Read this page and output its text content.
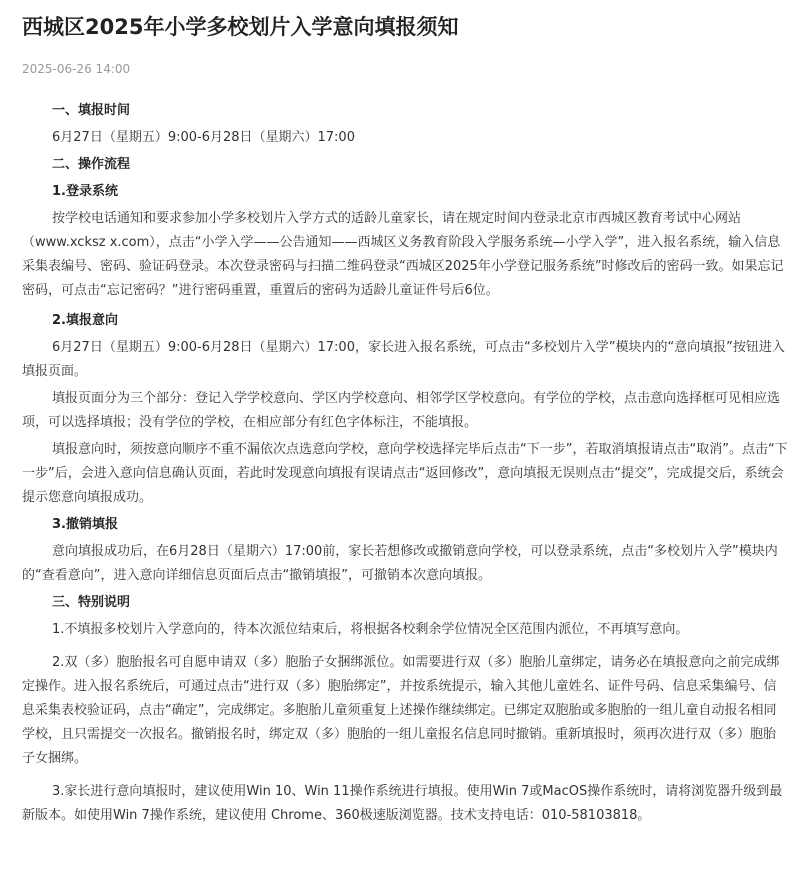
西城区2025年小学多校划片入学意向填报须知
2025-06-26 14:00

一、填报时间

6月27日（星期五）9:00-6月28日（星期六）17:00

二、操作流程

1.登录系统

按学校电话通知和要求参加小学多校划片入学方式的适龄儿童家长，请在规定时间内登录北京市西城区教育考试中心网站（www.xcksz x.com），点击“小学入学——公告通知——西城区义务教育阶段入学服务系统—小学入学”，进入报名系统，输入信息采集表编号、密码、验证码登录。本次登录密码与扫描二维码登录“西城区2025年小学登记服务系统”时修改后的密码一致。如果忘记密码，可点击“忘记密码？”进行密码重置，重置后的密码为适龄儿童证件号后6位。

2.填报意向

6月27日（星期五）9:00-6月28日（星期六）17:00，家长进入报名系统，可点击“多校划片入学”模块内的“意向填报”按钮进入填报页面。

填报页面分为三个部分：登记入学学校意向、学区内学校意向、相邻学区学校意向。有学位的学校，点击意向选择框可见相应选项，可以选择填报；没有学位的学校，在相应部分有红色字体标注，不能填报。

填报意向时，须按意向顺序不重不漏依次点选意向学校，意向学校选择完毕后点击“下一步”，若取消填报请点击“取消”。点击“下一步”后，会进入意向信息确认页面，若此时发现意向填报有误请点击“返回修改”，意向填报无误则点击“提交”，完成提交后，系统会提示您意向填报成功。

3.撤销填报

意向填报成功后，在6月28日（星期六）17:00前，家长若想修改或撤销意向学校，可以登录系统，点击“多校划片入学”模块内的“查看意向”，进入意向详细信息页面后点击“撤销填报”，可撤销本次意向填报。

三、特别说明

1.不填报多校划片入学意向的，待本次派位结束后，将根据各校剩余学位情况全区范围内派位，不再填写意向。

2.双（多）胞胎报名可自愿申请双（多）胞胎子女捆绑派位。如需要进行双（多）胞胎儿童绑定，请务必在填报意向之前完成绑定操作。进入报名系统后，可通过点击“进行双（多）胞胎绑定”，并按系统提示，输入其他儿童姓名、证件号码、信息采集编号、信息采集表校验证码，点击“确定”，完成绑定。多胞胎儿童须重复上述操作继续绑定。已绑定双胞胎或多胞胎的一组儿童自动报名相同学校，且只需提交一次报名。撤销报名时，绑定双（多）胞胎的一组儿童报名信息同时撤销。重新填报时，须再次进行双（多）胞胎子女捆绑。

3.家长进行意向填报时，建议使用Win 10、Win 11操作系统进行填报。使用Win 7或MacOS操作系统时，请将浏览器升级到最新版本。如使用Win 7操作系统，建议使用 Chrome、360极速版浏览器。技术支持电话：010-58103818。
